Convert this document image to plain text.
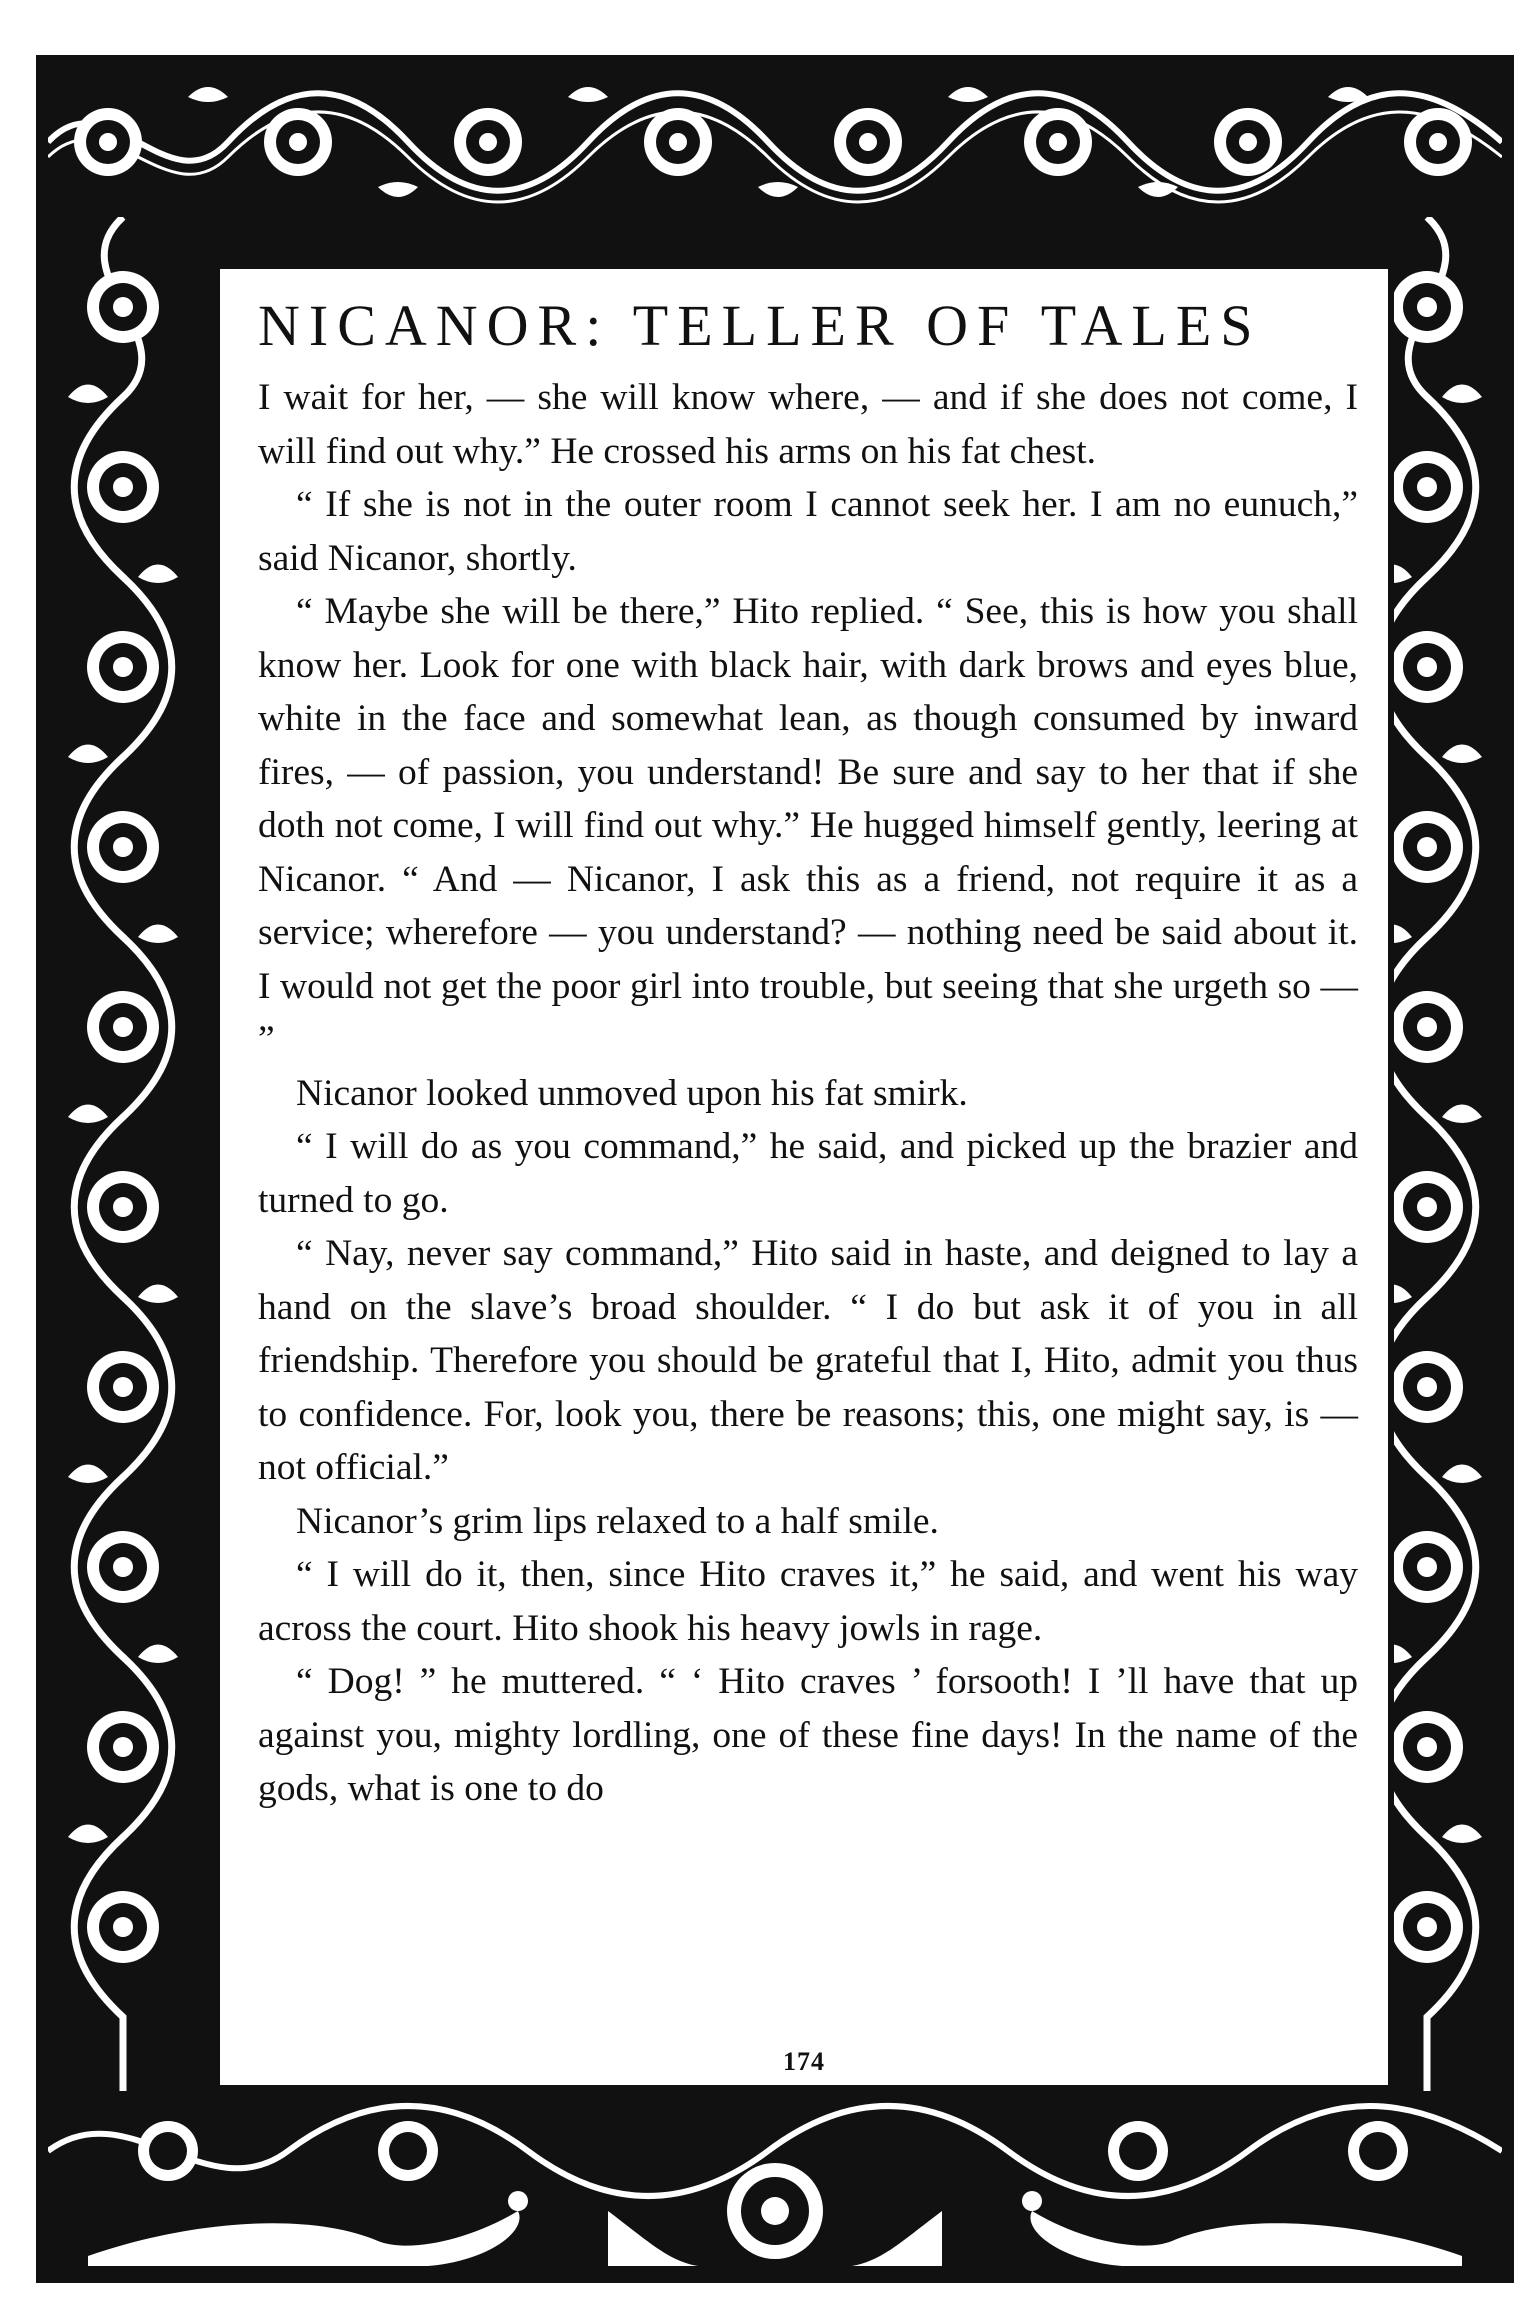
NICANOR: TELLER OF TALES

I wait for her, — she will know where, — and if she does not come, I will find out why.” He crossed his arms on his fat chest.

“ If she is not in the outer room I cannot seek her. I am no eunuch,” said Nicanor, shortly.

“ Maybe she will be there,” Hito replied. “ See, this is how you shall know her. Look for one with black hair, with dark brows and eyes blue, white in the face and somewhat lean, as though consumed by inward fires, — of passion, you understand! Be sure and say to her that if she doth not come, I will find out why.” He hugged himself gently, leering at Nicanor. “ And — Nicanor, I ask this as a friend, not require it as a service; wherefore — you understand? — nothing need be said about it. I would not get the poor girl into trouble, but seeing that she urgeth so — ”

Nicanor looked unmoved upon his fat smirk.

“ I will do as you command,” he said, and picked up the brazier and turned to go.

“ Nay, never say command,” Hito said in haste, and deigned to lay a hand on the slave’s broad shoulder. “ I do but ask it of you in all friendship. Therefore you should be grateful that I, Hito, admit you thus to confidence. For, look you, there be reasons; this, one might say, is — not official.”

Nicanor’s grim lips relaxed to a half smile.

“ I will do it, then, since Hito craves it,” he said, and went his way across the court. Hito shook his heavy jowls in rage.

“ Dog! ” he muttered. “ ‘ Hito craves ’ forsooth! I ’ll have that up against you, mighty lordling, one of these fine days! In the name of the gods, what is one to do

174
